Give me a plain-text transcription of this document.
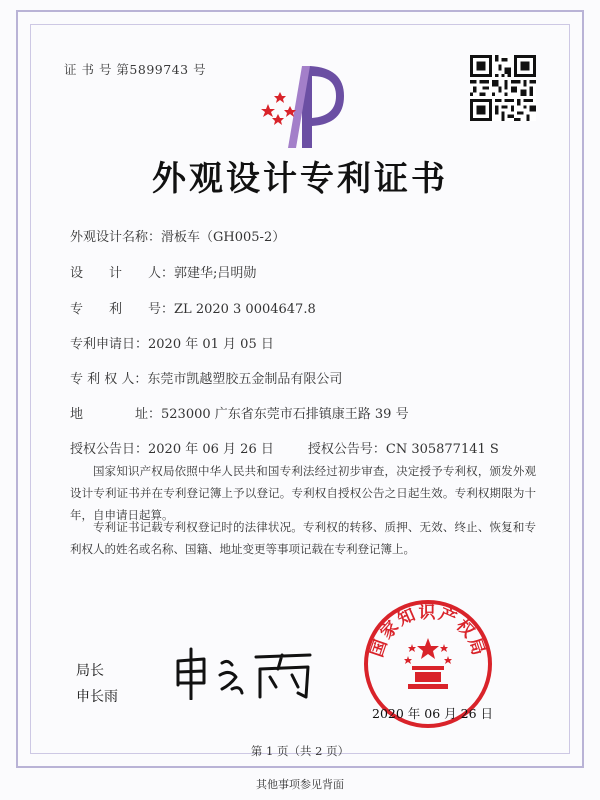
证 书 号 第5899743 号
外观设计专利证书
外观设计名称：滑板车（GH005-2）
设　　计　　人：郭建华;吕明勋
专　　利　　号：ZL 2020 3 0004647.8
专利申请日：2020 年 01 月 05 日
专 利 权 人：东莞市凯越塑胶五金制品有限公司
地　　　　址：523000 广东省东莞市石排镇康王路 39 号
授权公告日：2020 年 06 月 26 日	授权公告号：CN 305877141 S
国家知识产权局依照中华人民共和国专利法经过初步审查，决定授予专利权，颁发外观设计专利证书并在专利登记簿上予以登记。专利权自授权公告之日起生效。专利权期限为十年，自申请日起算。
专利证书记载专利权登记时的法律状况。专利权的转移、质押、无效、终止、恢复和专利权人的姓名或名称、国籍、地址变更等事项记载在专利登记簿上。
局长
申长雨
国家知识产权局
2020 年 06 月 26 日
第 1 页（共 2 页）
其他事项参见背面
